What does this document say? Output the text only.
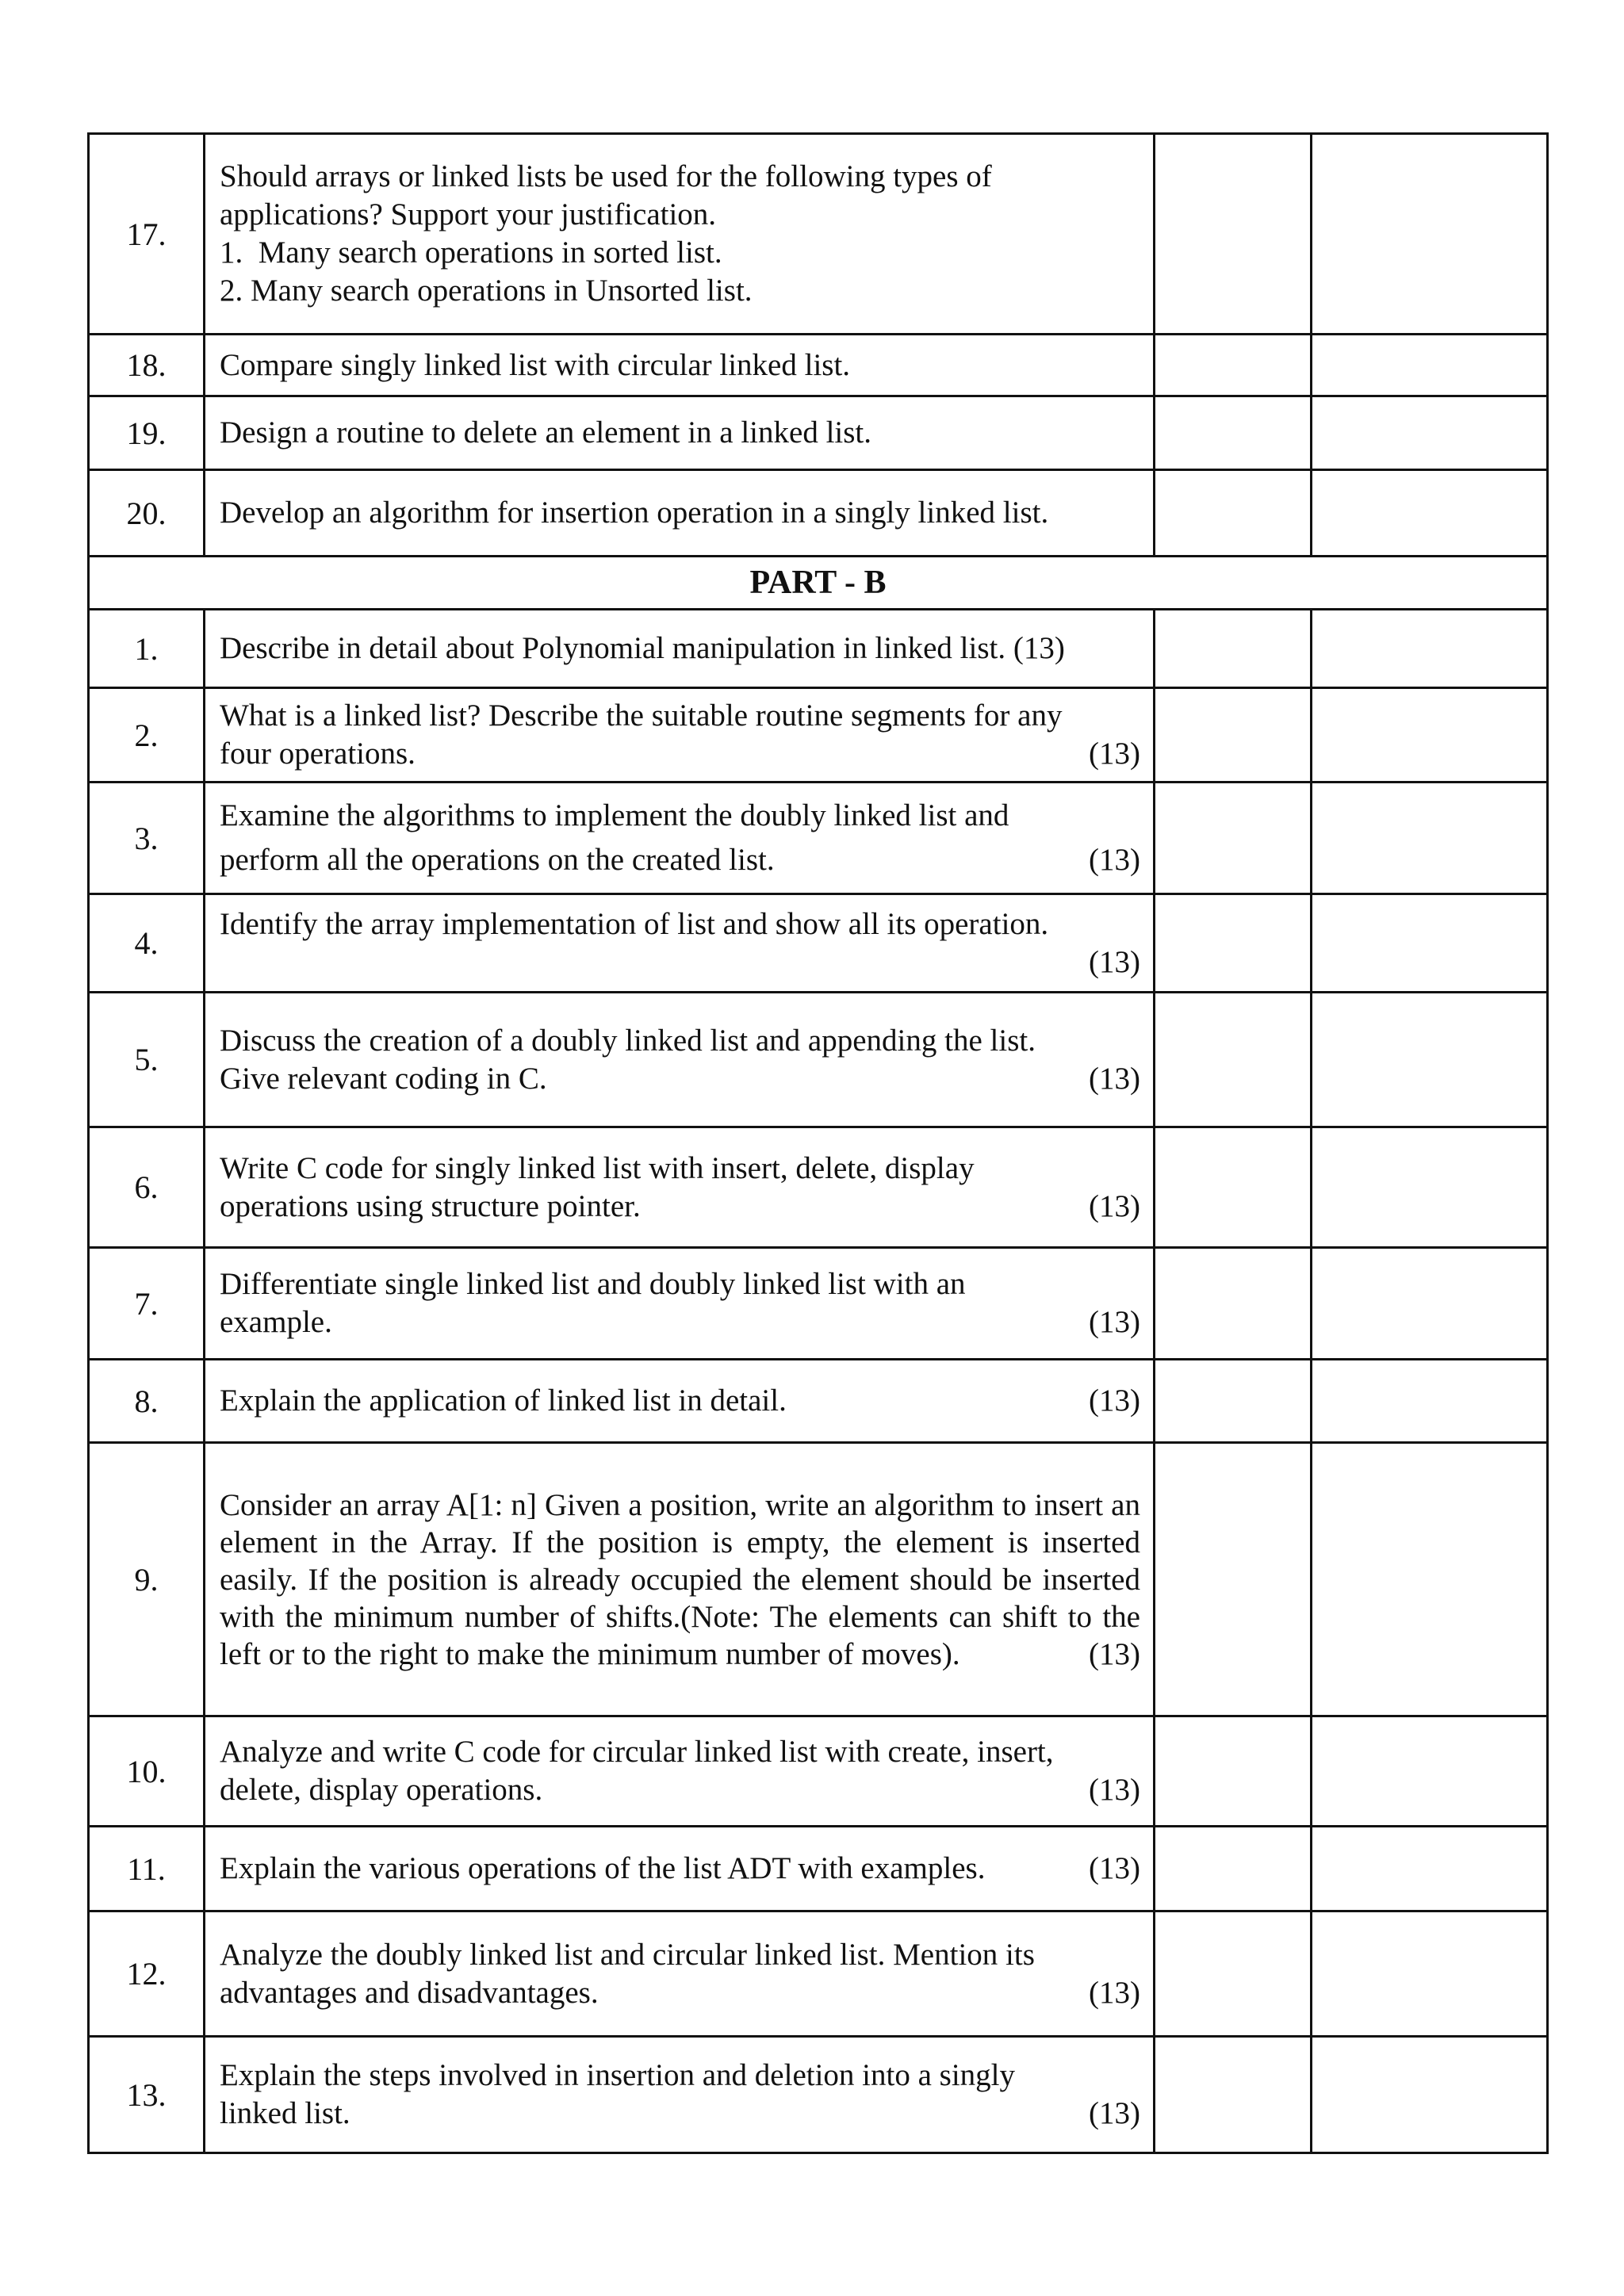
17.	Should arrays or linked lists be used for the following types of
applications? Support your justification.
1.  Many search operations in sorted list.
2. Many search operations in Unsorted list.		

18.	Compare singly linked list with circular linked list.		
19.	Design a routine to delete an element in a linked list.		
20.	Develop an algorithm for insertion operation in a singly linked list.		
PART - B			
1.	Describe in detail about Polynomial manipulation in linked list. (13)		

2.	What is a linked list? Describe the suitable routine segments for any
four operations. (13)		

3.	Examine the algorithms to implement the doubly linked list and
perform all the operations on the created list. (13)		

4.	Identify the array implementation of list and show all its operation.
(13)		

5.	Discuss the creation of a doubly linked list and appending the list.
Give relevant coding in C. (13)		

6.	Write C code for singly linked list with insert, delete, display
operations using structure pointer. (13)		

7.	Differentiate single linked list and doubly linked list with an
example. (13)		

8.	Explain the application of linked list in detail. (13)		

9.	Consider an array A[1: n] Given a position, write an algorithm to insert an element in the Array. If the position is empty, the element is inserted easily. If the position is already occupied the element should be inserted with the minimum number of shifts.(Note: The elements can shift to the left or to the right to make the minimum number of moves). (13)		

10.	Analyze and write C code for circular linked list with create, insert,
delete, display operations. (13)		

11.	Explain the various operations of the list ADT with examples. (13)		

12.	Analyze the doubly linked list and circular linked list. Mention its
advantages and disadvantages. (13)		

13.	Explain the steps involved in insertion and deletion into a singly
linked list. (13)		
